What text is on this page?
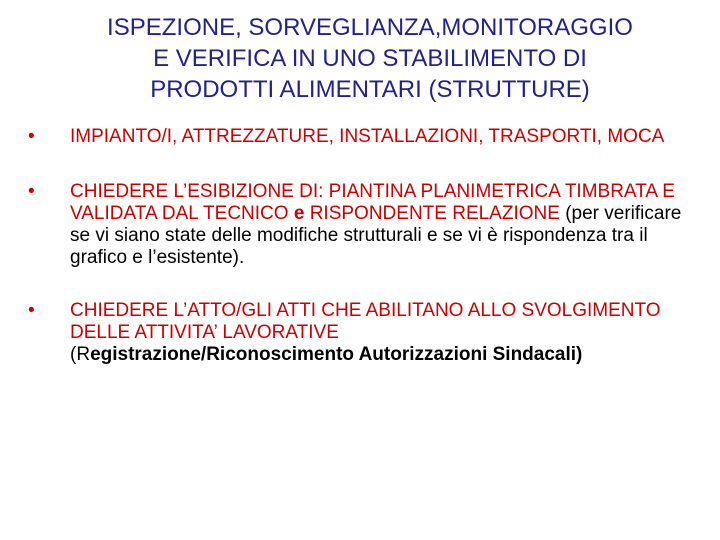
ISPEZIONE, SORVEGLIANZA,MONITORAGGIO
E VERIFICA IN UNO STABILIMENTO DI
PRODOTTI ALIMENTARI (STRUTTURE)
• IMPIANTO/I, ATTREZZATURE, INSTALLAZIONI, TRASPORTI, MOCA
• CHIEDERE L’ESIBIZIONE DI: PIANTINA PLANIMETRICA TIMBRATA E VALIDATA DAL TECNICO e RISPONDENTE RELAZIONE (per verificare se vi siano state delle modifiche strutturali e se vi è rispondenza tra il grafico e l’esistente).
• CHIEDERE L’ATTO/GLI ATTI CHE ABILITANO ALLO SVOLGIMENTO DELLE ATTIVITA’ LAVORATIVE
(Registrazione/Riconoscimento Autorizzazioni Sindacali)
